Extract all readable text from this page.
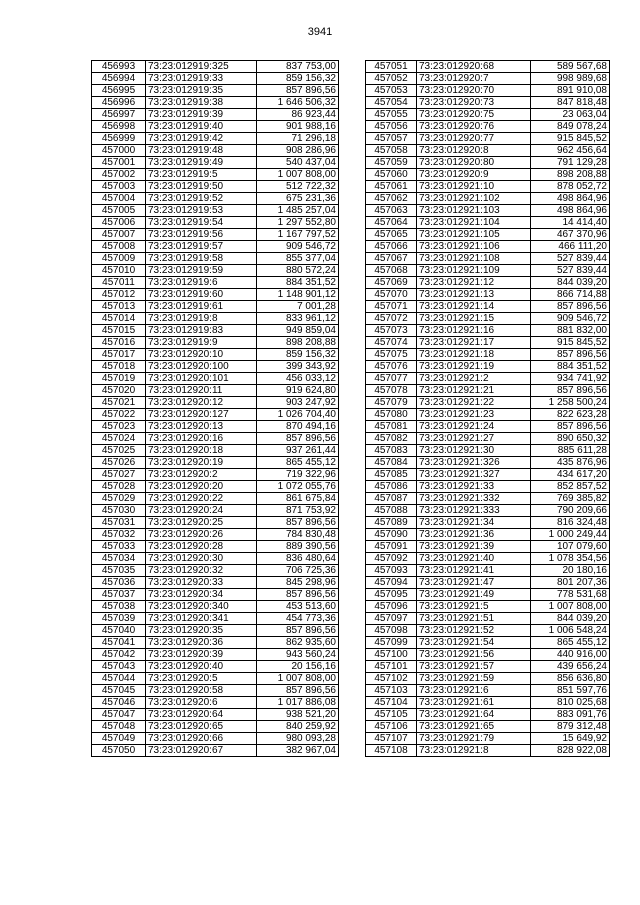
3941
456993	73:23:012919:325	837 753,00
456994	73:23:012919:33	859 156,32
456995	73:23:012919:35	857 896,56
456996	73:23:012919:38	1 646 506,32
456997	73:23:012919:39	86 923,44
456998	73:23:012919:40	901 988,16
456999	73:23:012919:42	71 296,18
457000	73:23:012919:48	908 286,96
457001	73:23:012919:49	540 437,04
457002	73:23:012919:5	1 007 808,00
457003	73:23:012919:50	512 722,32
457004	73:23:012919:52	675 231,36
457005	73:23:012919:53	1 485 257,04
457006	73:23:012919:54	1 297 552,80
457007	73:23:012919:56	1 167 797,52
457008	73:23:012919:57	909 546,72
457009	73:23:012919:58	855 377,04
457010	73:23:012919:59	880 572,24
457011	73:23:012919:6	884 351,52
457012	73:23:012919:60	1 148 901,12
457013	73:23:012919:61	7 001,28
457014	73:23:012919:8	833 961,12
457015	73:23:012919:83	949 859,04
457016	73:23:012919:9	898 208,88
457017	73:23:012920:10	859 156,32
457018	73:23:012920:100	399 343,92
457019	73:23:012920:101	456 033,12
457020	73:23:012920:11	919 624,80
457021	73:23:012920:12	903 247,92
457022	73:23:012920:127	1 026 704,40
457023	73:23:012920:13	870 494,16
457024	73:23:012920:16	857 896,56
457025	73:23:012920:18	937 261,44
457026	73:23:012920:19	865 455,12
457027	73:23:012920:2	719 322,96
457028	73:23:012920:20	1 072 055,76
457029	73:23:012920:22	861 675,84
457030	73:23:012920:24	871 753,92
457031	73:23:012920:25	857 896,56
457032	73:23:012920:26	784 830,48
457033	73:23:012920:28	889 390,56
457034	73:23:012920:30	836 480,64
457035	73:23:012920:32	706 725,36
457036	73:23:012920:33	845 298,96
457037	73:23:012920:34	857 896,56
457038	73:23:012920:340	453 513,60
457039	73:23:012920:341	454 773,36
457040	73:23:012920:35	857 896,56
457041	73:23:012920:36	862 935,60
457042	73:23:012920:39	943 560,24
457043	73:23:012920:40	20 156,16
457044	73:23:012920:5	1 007 808,00
457045	73:23:012920:58	857 896,56
457046	73:23:012920:6	1 017 886,08
457047	73:23:012920:64	938 521,20
457048	73:23:012920:65	840 259,92
457049	73:23:012920:66	980 093,28
457050	73:23:012920:67	382 967,04
457051	73:23:012920:68	589 567,68
457052	73:23:012920:7	998 989,68
457053	73:23:012920:70	891 910,08
457054	73:23:012920:73	847 818,48
457055	73:23:012920:75	23 063,04
457056	73:23:012920:76	849 078,24
457057	73:23:012920:77	915 845,52
457058	73:23:012920:8	962 456,64
457059	73:23:012920:80	791 129,28
457060	73:23:012920:9	898 208,88
457061	73:23:012921:10	878 052,72
457062	73:23:012921:102	498 864,96
457063	73:23:012921:103	498 864,96
457064	73:23:012921:104	14 414,40
457065	73:23:012921:105	467 370,96
457066	73:23:012921:106	466 111,20
457067	73:23:012921:108	527 839,44
457068	73:23:012921:109	527 839,44
457069	73:23:012921:12	844 039,20
457070	73:23:012921:13	866 714,88
457071	73:23:012921:14	857 896,56
457072	73:23:012921:15	909 546,72
457073	73:23:012921:16	881 832,00
457074	73:23:012921:17	915 845,52
457075	73:23:012921:18	857 896,56
457076	73:23:012921:19	884 351,52
457077	73:23:012921:2	934 741,92
457078	73:23:012921:21	857 896,56
457079	73:23:012921:22	1 258 500,24
457080	73:23:012921:23	822 623,28
457081	73:23:012921:24	857 896,56
457082	73:23:012921:27	890 650,32
457083	73:23:012921:30	885 611,28
457084	73:23:012921:326	435 876,96
457085	73:23:012921:327	434 617,20
457086	73:23:012921:33	852 857,52
457087	73:23:012921:332	769 385,82
457088	73:23:012921:333	790 209,66
457089	73:23:012921:34	816 324,48
457090	73:23:012921:36	1 000 249,44
457091	73:23:012921:39	107 079,60
457092	73:23:012921:40	1 078 354,56
457093	73:23:012921:41	20 180,16
457094	73:23:012921:47	801 207,36
457095	73:23:012921:49	778 531,68
457096	73:23:012921:5	1 007 808,00
457097	73:23:012921:51	844 039,20
457098	73:23:012921:52	1 006 548,24
457099	73:23:012921:54	865 455,12
457100	73:23:012921:56	440 916,00
457101	73:23:012921:57	439 656,24
457102	73:23:012921:59	856 636,80
457103	73:23:012921:6	851 597,76
457104	73:23:012921:61	810 025,68
457105	73:23:012921:64	883 091,76
457106	73:23:012921:65	879 312,48
457107	73:23:012921:79	15 649,92
457108	73:23:012921:8	828 922,08
